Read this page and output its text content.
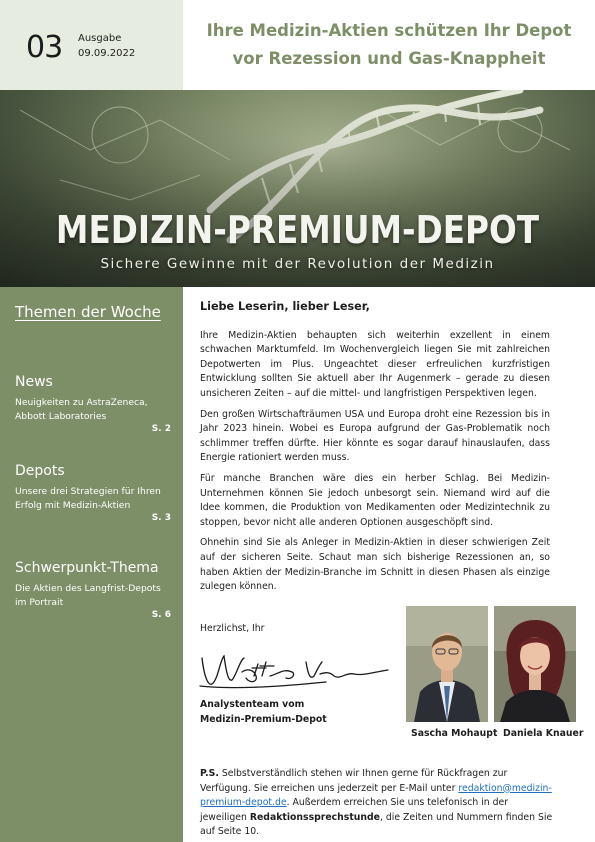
03 Ausgabe
09.09.2022
Ihre Medizin-Aktien schützen Ihr Depot vor Rezession und Gas-Knappheit
MEDIZIN-PREMIUM-DEPOT
Sichere Gewinne mit der Revolution der Medizin
Themen der Woche
News
Neuigkeiten zu AstraZeneca, Abbott Laboratories
S. 2
Depots
Unsere drei Strategien für Ihren Erfolg mit Medizin-Aktien
S. 3
Schwerpunkt-Thema
Die Aktien des Langfrist-Depots im Portrait
S. 6
Liebe Leserin, lieber Leser,

Ihre Medizin-Aktien behaupten sich weiterhin exzellent in einem schwachen Marktumfeld. Im Wochenvergleich liegen Sie mit zahlreichen Depotwerten im Plus. Ungeachtet dieser erfreulichen kurzfristigen Entwicklung sollten Sie aktuell aber Ihr Augenmerk – gerade zu diesen unsicheren Zeiten – auf die mittel- und langfristigen Perspektiven legen.

Den großen Wirtschafträumen USA und Europa droht eine Rezession bis in Jahr 2023 hinein. Wobei es Europa aufgrund der Gas-Problematik noch schlimmer treffen dürfte. Hier könnte es sogar darauf hinauslaufen, dass Energie rationiert werden muss.

Für manche Branchen wäre dies ein herber Schlag. Bei Medizin-Unternehmen können Sie jedoch unbesorgt sein. Niemand wird auf die Idee kommen, die Produktion von Medikamenten oder Medizintechnik zu stoppen, bevor nicht alle anderen Optionen ausgeschöpft sind.

Ohnehin sind Sie als Anleger in Medizin-Aktien in dieser schwierigen Zeit auf der sicheren Seite. Schaut man sich bisherige Rezessionen an, so haben Aktien der Medizin-Branche im Schnitt in diesen Phasen als einzige zulegen können.

Herzlichst, Ihr
Analystenteam vom
Medizin-Premium-Depot
Sascha Mohaupt Daniela Knauer
P.S. Selbstverständlich stehen wir Ihnen gerne für Rückfragen zur Verfügung. Sie erreichen uns jederzeit per E-Mail unter redaktion@medizin-premium-depot.de. Außerdem erreichen Sie uns telefonisch in der jeweiligen Redaktionssprechstunde, die Zeiten und Nummern finden Sie auf Seite 10.
